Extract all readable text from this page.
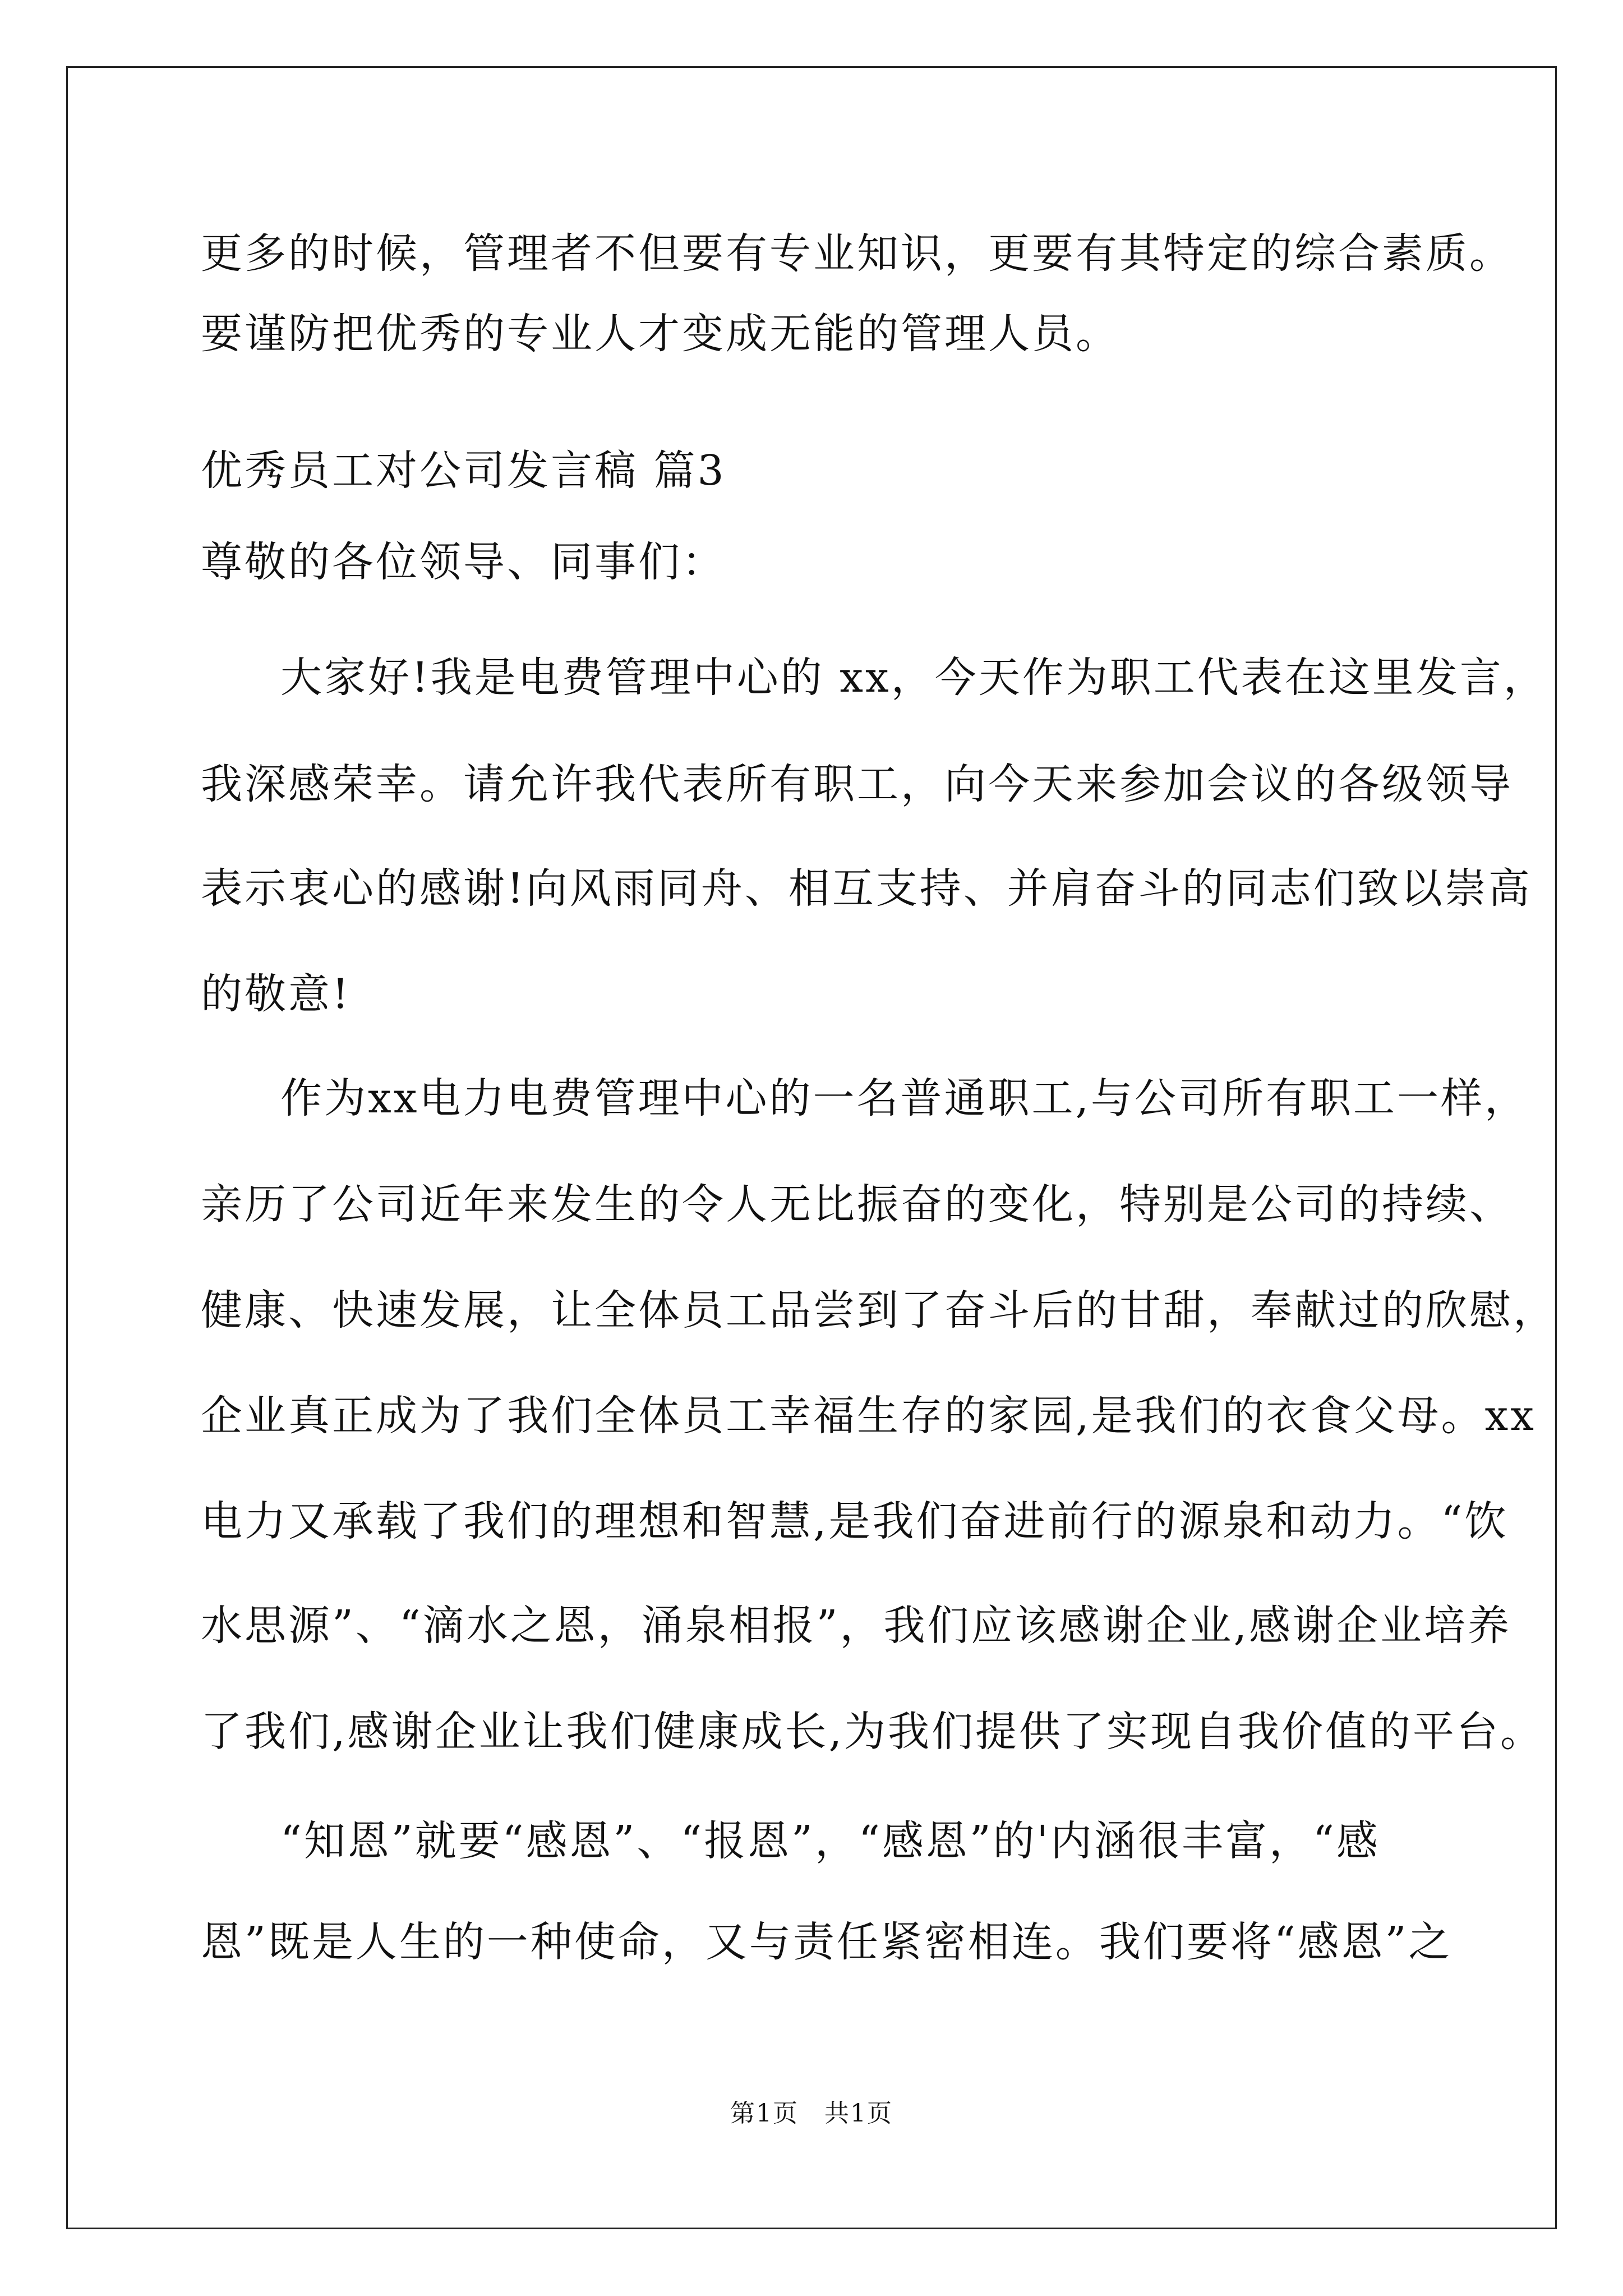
更多的时候，管理者不但要有专业知识，更要有其特定的综合素质。
要谨防把优秀的专业人才变成无能的管理人员。
优秀员工对公司发言稿 篇3
尊敬的各位领导、同事们：
大家好!我是电费管理中心的 xx，今天作为职工代表在这里发言，
我深感荣幸。请允许我代表所有职工，向今天来参加会议的各级领导
表示衷心的感谢!向风雨同舟、相互支持、并肩奋斗的同志们致以崇高
的敬意!
作为xx电力电费管理中心的一名普通职工,与公司所有职工一样，
亲历了公司近年来发生的令人无比振奋的变化，特别是公司的持续、
健康、快速发展，让全体员工品尝到了奋斗后的甘甜，奉献过的欣慰，
企业真正成为了我们全体员工幸福生存的家园,是我们的衣食父母。xx
电力又承载了我们的理想和智慧,是我们奋进前行的源泉和动力。“饮
水思源”、“滴水之恩，涌泉相报”，我们应该感谢企业,感谢企业培养
了我们,感谢企业让我们健康成长,为我们提供了实现自我价值的平台。
“知恩”就要“感恩”、“报恩”，“感恩”的'内涵很丰富，“感
恩”既是人生的一种使命，又与责任紧密相连。我们要将“感恩”之
第1页　共1页
